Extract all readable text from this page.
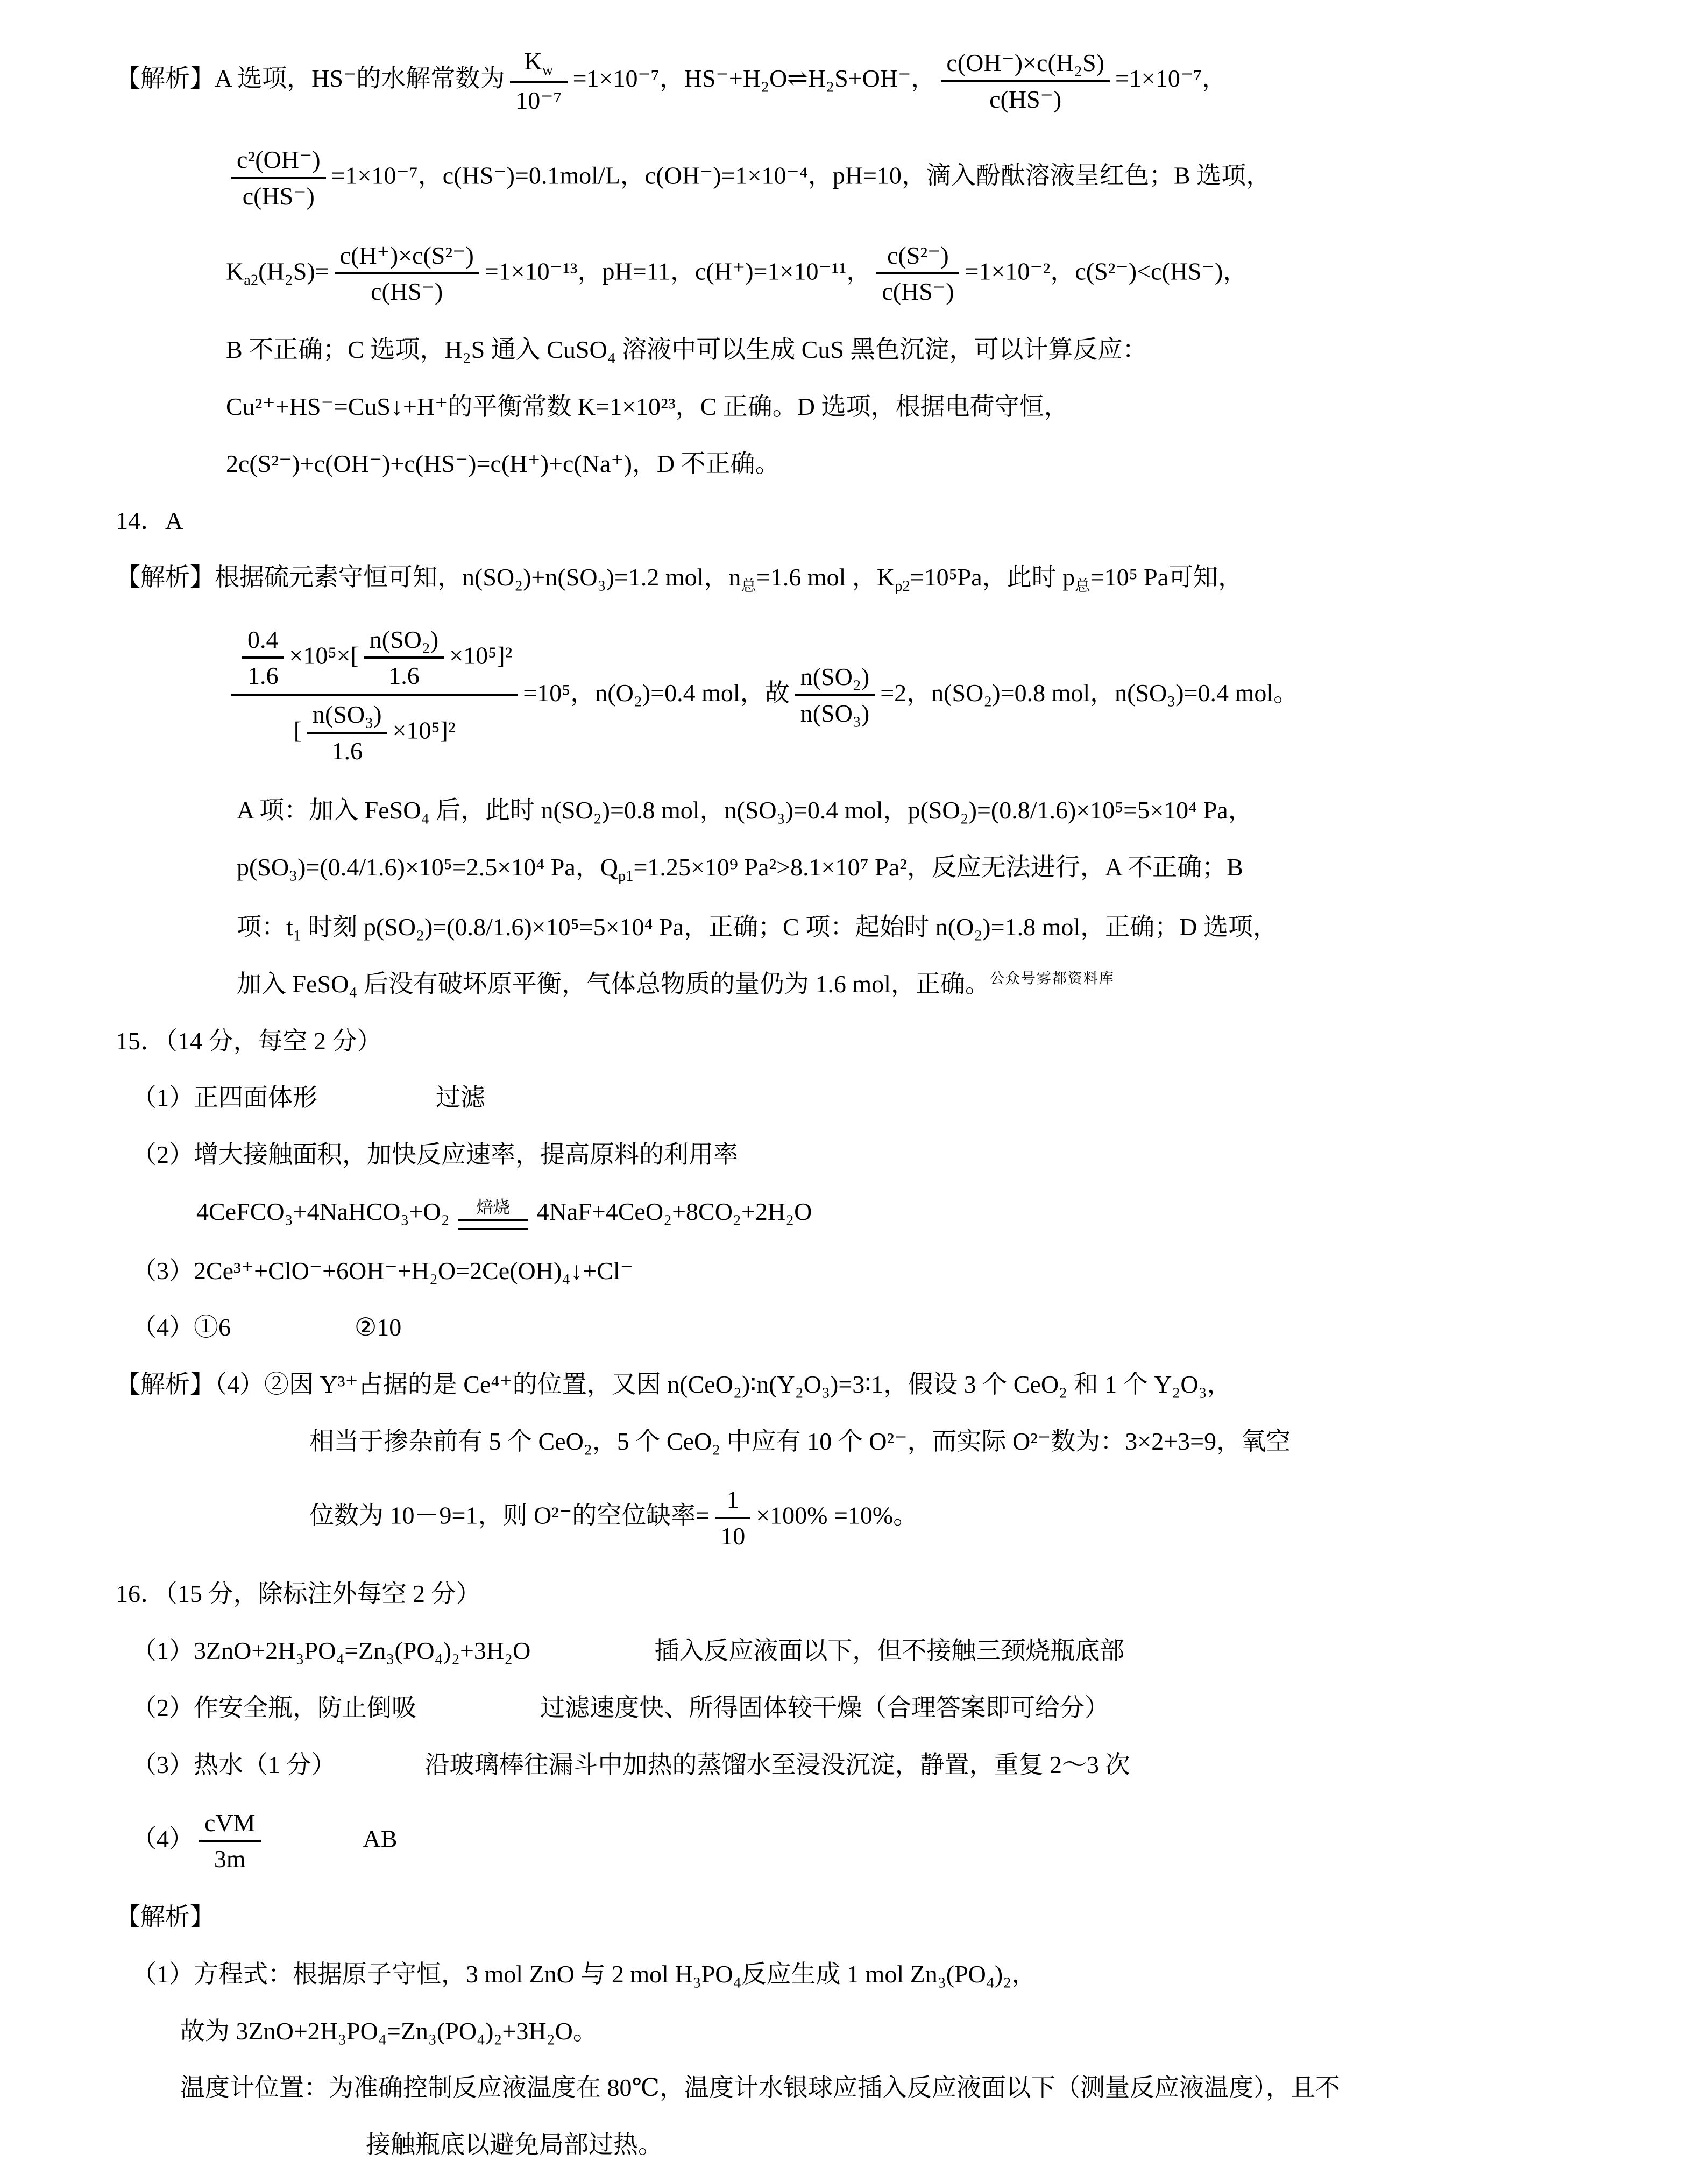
【解析】A 选项，HS⁻的水解常数为 $\frac{K_w}{\text{10⁻⁷}} =1\times 10^{-7}$，HS⁻+H₂O⇌H₂S+OH⁻， $\frac{\text{c(OH⁻)×c(H₂S)}}{c(HS^-)} =1\times 10^{-7}$，
$\frac{\text{c²(OH⁻)}}{c(HS^-)} =1\times 10^{-7}$，c(HS⁻)=0.1mol/L，c(OH⁻)=1×10⁻⁴，pH=10，滴入酚酞溶液呈红色；B 选项，
$K_{a2}(H_2S)= \frac{\text{c(H⁺)×c(S²⁻)}}{c(HS^-)} =1\times 10^{-13}$，pH=11，c(H⁺)=1×10⁻¹¹， $\frac{\text{c(S²⁻)}}{c(HS^-)} =1\times 10^{-2}$，c(S²⁻)<c(HS⁻)，
B 不正确；C 选项，H₂S 通入 CuSO₄ 溶液中可以生成 CuS 黑色沉淀，可以计算反应：
Cu²⁺+HS⁻=CuS↓+H⁺的平衡常数 K=1×10²³，C 正确。D 选项，根据电荷守恒，
2c(S²⁻)+c(OH⁻)+c(HS⁻)=c(H⁺)+c(Na⁺)，D 不正确。
14．A
【解析】根据硫元素守恒可知，n(SO₂)+n(SO₃)=1.2 mol，$n_总=1.6$ mol ，$K_{p2}=10^5Pa$，此时 $p_总=10^5$ Pa可知，
$\frac{\frac{0.4}{1.6} \times 10^5\times[ \frac{\text{n(SO₂)}}{1.6} \times 10^5]^2}{[ \frac{\text{n(SO₃)}}{1.6} \times 10^5]^2} =10^5$，n(O₂)=0.4 mol，故 $\frac{\text{n(SO₂)}}{\text{n(SO₃)}} =2$，n(SO₂)=0.8 mol，n(SO₃)=0.4 mol。
A 项：加入 FeSO₄ 后，此时 n(SO₂)=0.8 mol，n(SO₃)=0.4 mol，p(SO₂)=(0.8/1.6)×10⁵=5×10⁴ Pa，
p(SO₃)=(0.4/1.6)×10⁵=2.5×10⁴ Pa，$Q_{p1}=1.25\times 10^9$ Pa²>8.1×10⁷ Pa²，反应无法进行，A 不正确；B
项：t₁ 时刻 p(SO₂)=(0.8/1.6)×10⁵=5×10⁴ Pa，正确；C 项：起始时 n(O₂)=1.8 mol，正确；D 选项，
加入 FeSO₄ 后没有破坏原平衡，气体总物质的量仍为 1.6 mol，正确。$^{公众号雾都资料库}$
15．（14 分，每空 2 分）
（1）正四面体形	过滤
（2）增大接触面积，加快反应速率，提高原料的利用率
4CeFCO₃+4NaHCO₃+O₂	焙烧	4NaF+4CeO₂+8CO₂+2H₂O
（3）2Ce³⁺+ClO⁻+6OH⁻+H₂O=2Ce(OH)₄↓+Cl⁻
（4）①6	②10
【解析】（4）②因 Y³⁺占据的是 Ce⁴⁺的位置，又因 n(CeO₂)∶n(Y₂O₃)=3∶1，假设 3 个 CeO₂ 和 1 个 Y₂O₃，
相当于掺杂前有 5 个 CeO₂，5 个 CeO₂ 中应有 10 个 O²⁻，而实际 O²⁻数为：3×2+3=9，氧空
位数为 10－9=1，则 O²⁻的空位缺率= $\frac{1}{10} \times 100\% =10\%$。
16．（15 分，除标注外每空 2 分）
（1）3ZnO+2H₃PO₄=Zn₃(PO₄)₂+3H₂O	插入反应液面以下，但不接触三颈烧瓶底部
（2）作安全瓶，防止倒吸	过滤速度快、所得固体较干燥（合理答案即可给分）
（3）热水（1 分）	沿玻璃棒往漏斗中加热的蒸馏水至浸没沉淀，静置，重复 2～3 次
$(4) \frac{\text{cVM}}{3m}$	AB
【解析】
（1）方程式：根据原子守恒，3 mol ZnO 与 2 mol H₃PO₄反应生成 1 mol Zn₃(PO₄)₂，
故为 3ZnO+2H₃PO₄=Zn₃(PO₄)₂+3H₂O。
温度计位置：为准确控制反应液温度在 80℃，温度计水银球应插入反应液面以下（测量反应液温度），且不
接触瓶底以避免局部过热。
